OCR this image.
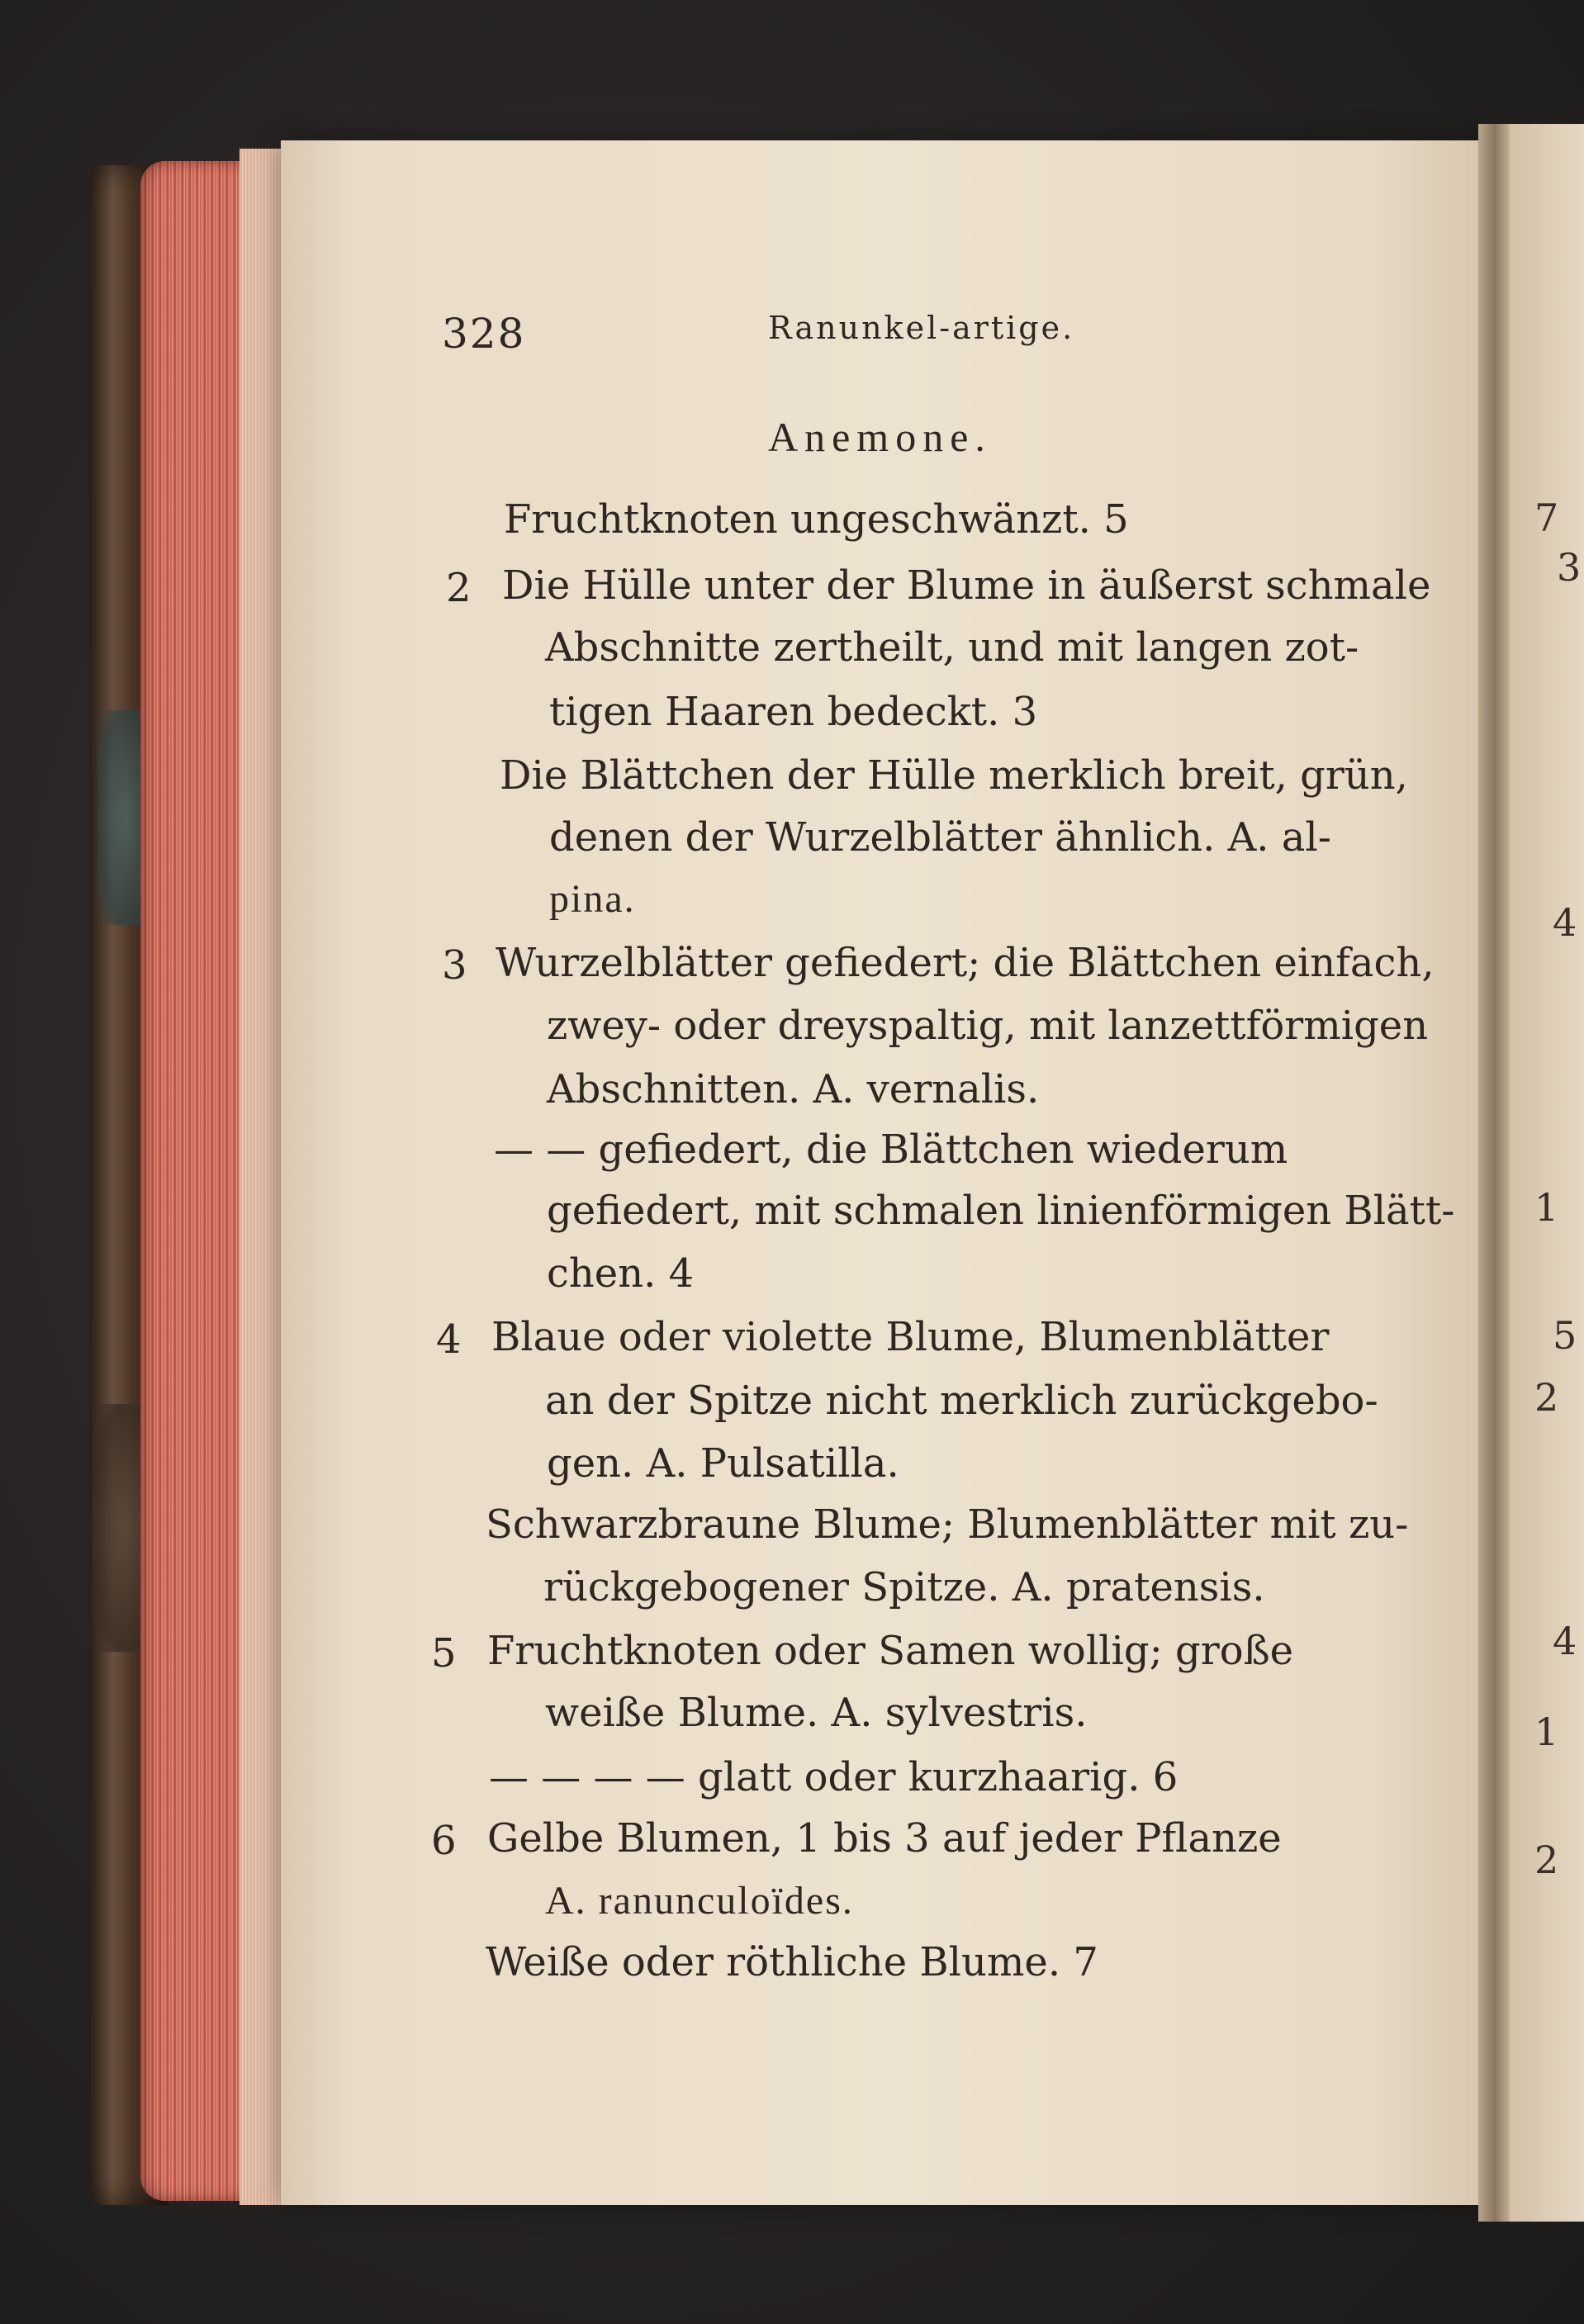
328	Ranunkel-artige.
Anemone.
Fruchtknoten ungeschwänzt. 5
2 Die Hülle unter der Blume in äußerst schmale
Abschnitte zertheilt, und mit langen zot-
tigen Haaren bedeckt. 3
Die Blättchen der Hülle merklich breit, grün,
denen der Wurzelblätter ähnlich. A. al-
pina.
3 Wurzelblätter gefiedert; die Blättchen einfach,
zwey- oder dreyspaltig, mit lanzettförmigen
Abschnitten. A. vernalis.
— — gefiedert, die Blättchen wiederum
gefiedert, mit schmalen linienförmigen Blätt-
chen. 4
4 Blaue oder violette Blume, Blumenblätter
an der Spitze nicht merklich zurückgebo-
gen. A. Pulsatilla.
Schwarzbraune Blume; Blumenblätter mit zu-
rückgebogener Spitze. A. pratensis.
5 Fruchtknoten oder Samen wollig; große
weiße Blume. A. sylvestris.
— — — — glatt oder kurzhaarig. 6
6 Gelbe Blumen, 1 bis 3 auf jeder Pflanze
A. ranunculoïdes.
Weiße oder röthliche Blume. 7
7
3
4
1
5
2
4
1
2
